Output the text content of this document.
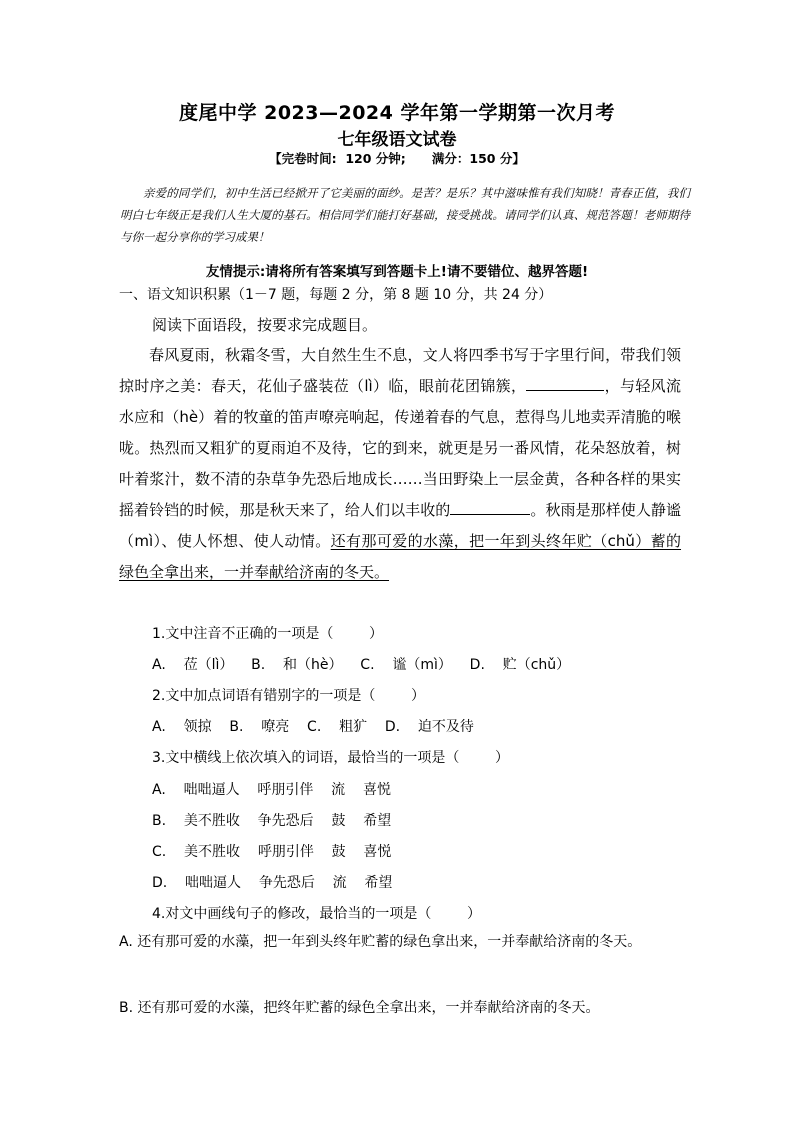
度尾中学 2023—2024 学年第一学期第一次月考
七年级语文试卷
【完卷时间:  120 分钟;      满分：150 分】
亲爱的同学们，初中生活已经掀开了它美丽的面纱。是苦？是乐？其中滋味惟有我们知晓！青春正值，我们明白七年级正是我们人生大厦的基石。相信同学们能打好基础，接受挑战。请同学们认真、规范答题！老师期待与你一起分享你的学习成果！
友情提示:请将所有答案填写到答题卡上!请不要错位、越界答题!
一、语文知识积累（1－7 题，每题 2 分，第 8 题 10 分，共 24 分）
阅读下面语段，按要求完成题目。
春风夏雨，秋霜冬雪，大自然生生不息，文人将四季书写于字里行间，带我们领掠时序之美：春天，花仙子盛装莅（lì）临，眼前花团锦簇，	，与轻风流水应和（hè）着的牧童的笛声嘹亮响起，传递着春的气息，惹得鸟儿地卖弄清脆的喉咙。热烈而又粗犷的夏雨迫不及待，它的到来，就更是另一番风情，花朵怒放着，树叶着浆汁，数不清的杂草争先恐后地成长……当田野染上一层金黄，各种各样的果实摇着铃铛的时候，那是秋天来了，给人们以丰收的	。秋雨是那样使人静谧（mì）、使人怀想、使人动情。还有那可爱的水藻，把一年到头终年贮（chǔ）蓄的绿色全拿出来，一并奉献给济南的冬天。
1.文中注音不正确的一项是（        ）
A.    莅（lì）    B.    和（hè）    C.    谧（mì）    D.    贮（chǔ）
2.文中加点词语有错别字的一项是（        ）
A.    领掠    B.    嘹亮    C.    粗犷    D.    迫不及待
3.文中横线上依次填入的词语，最恰当的一项是（        ）
A.    咄咄逼人    呼朋引伴    流    喜悦
B.    美不胜收    争先恐后    鼓    希望
C.    美不胜收    呼朋引伴    鼓    喜悦
D.    咄咄逼人    争先恐后    流    希望
4.对文中画线句子的修改，最恰当的一项是（        ）
A. 还有那可爱的水藻，把一年到头终年贮蓄的绿色拿出来，一并奉献给济南的冬天。
B. 还有那可爱的水藻，把终年贮蓄的绿色全拿出来，一并奉献给济南的冬天。
